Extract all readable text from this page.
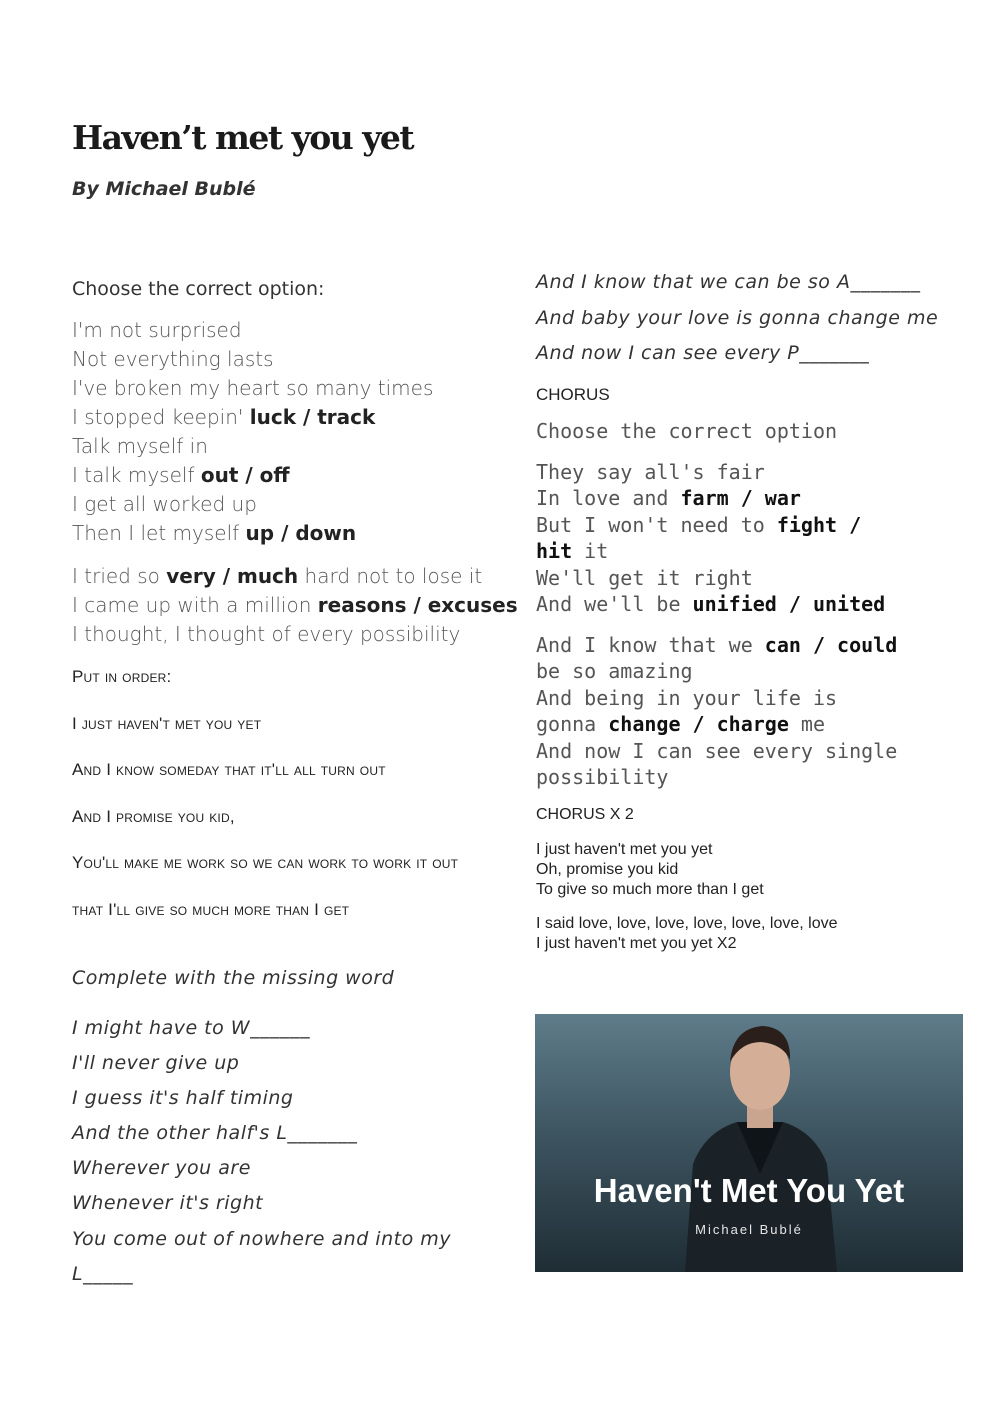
Haven’t met you yet
By Michael Bublé
Choose the correct option:
I'm not surprised
Not everything lasts
I've broken my heart so many times
I stopped keepin' luck / track
Talk myself in
I talk myself out / off
I get all worked up
Then I let myself up / down
I tried so very / much hard not to lose it
I came up with a million reasons / excuses
I thought, I thought of every possibility
Put in order:
I just haven't met you yet
And I know someday that it'll all turn out
And I promise you kid,
You'll make me work so we can work to work it out
that I'll give so much more than I get
Complete with the missing word
I might have to W______
I'll never give up
I guess it's half timing
And the other half's L_______
Wherever you are
Whenever it's right
You come out of nowhere and into my
L_____
And I know that we can be so A_______
And baby your love is gonna change me
And now I can see every P_______
CHORUS
Choose the correct option
They say all's fair
In love and farm / war
But I won't need to fight /
hit it
We'll get it right
And we'll be unified / united
And I know that we can / could
be so amazing
And being in your life is
gonna change / charge me
And now I can see every single
possibility
CHORUS X 2
I just haven't met you yet
Oh, promise you kid
To give so much more than I get
I said love, love, love, love, love, love, love
I just haven't met you yet X2
Haven't Met You Yet
Michael Bublé
